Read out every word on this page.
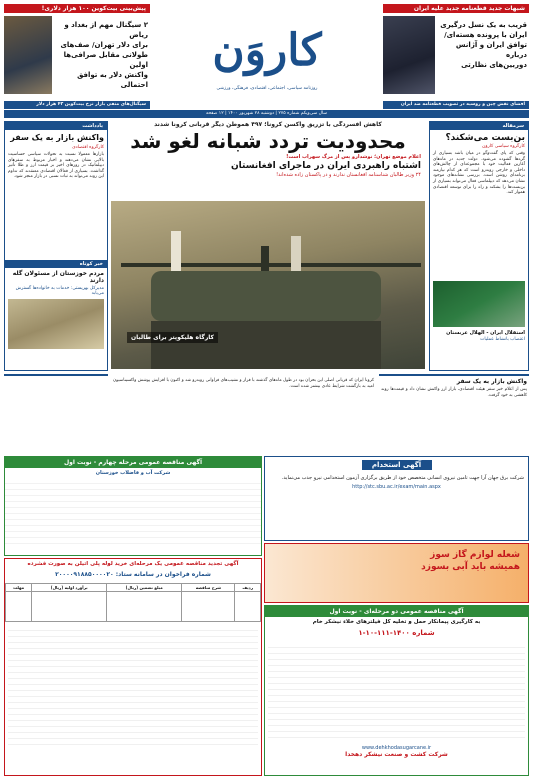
شبهات جدید قطعنامه جدید علیه ایران
قریب به یک نسل درگیری
ایران با پرونده هسته‌ای/
توافق ایران و آژانس درباره
دوربین‌های نظارتی
افشای نقش چین و روسیه در تصویب قطعنامه ضد ایران
کاروَن
روزنامه سیاسی، اجتماعی، اقتصادی، فرهنگی، ورزشی
پیش‌بینی بیت‌کوین ۱۰۰ هزار دلاری!
۲ سیگنال مهم از بغداد و ریاض
برای دلار تهران/ صف‌های
طولانی مقابل صرافی‌ها اولین
واکنش دلار به توافق احتمالی
سیگنال‌های منفی بازار نرخ بیت‌کوین ۴۳ هزار دلار
سال سی‌ویکم شماره ۲۷۵ | دوشنبه ۲۸ شهریور ۱۴۰۰ | ۱۲ صفحه
سرمقاله
بن‌بست می‌شکند؟
کارگروه سیاسی کاروَن
وقتی که پای گفت‌وگو در میان باشد بسیاری از گره‌ها گشوده می‌شود. دولت جدید در ماه‌های آغازین فعالیت خود با مجموعه‌ای از چالش‌های داخلی و خارجی روبه‌رو است که هر کدام نیازمند برنامه‌ای روشن است. بررسی نشانه‌های موجود نشان می‌دهد که دیپلماسی فعال می‌تواند بسیاری از بن‌بست‌ها را بشکند و راه را برای توسعه اقتصادی هموار کند.
استقلال ایران - الهلال عربستان
اعتصاب بانشاط عملیات
یادداشت
واکنش بازار به یک سفر
کارگروه اقتصادی
بازارها معمولا نسبت به تحولات سیاسی حساسیت بالایی نشان می‌دهند و اخبار مربوط به سفرهای دیپلماتیک در روزهای اخیر بر قیمت ارز و طلا تأثیر گذاشت. بسیاری از فعالان اقتصادی معتقدند که تداوم این روند می‌تواند به ثبات نسبی در بازار منجر شود.
خبر کوتاه
مردم خوزستان از مسئولان گله دارند
مدیرکل بهزیستی: خدمات به خانواده‌ها گسترش می‌یابد
کاهش افسردگی با تزریق واکسن کرونا؛ ۴۹۷ هموطن دیگر قربانی کرونا شدند
محدودیت تردد شبانه لغو شد
اعلام موضع تهران؛ نوشدارو پس از مرگ سهراب است!
اشتباه راهبردی ایران در ماجرای افغانستان
۲۴ وزیر طالبان شناسنامه افغانستان ندارند و در پاکستان زاده شده‌اند!
کارگاه هلیکوپتر برای طالبان
واکنش بازار به یک سفر
پس از اعلام خبر سفر هیئت اقتصادی، بازار ارز واکنش نشان داد و قیمت‌ها روند کاهشی به خود گرفت.
کرونا ایران که قربانی اصلی این بحران بود در طول ماه‌های گذشته با فراز و نشیب‌های فراوانی روبه‌رو شد و اکنون با افزایش پوشش واکسیناسیون امید به بازگشت شرایط عادی بیشتر شده است.
آگهی مناقصه عمومی مرحله چهارم - نوبت اول
شرکت آب و فاضلاب خوزستان
آگهی تجدید مناقصه عمومی یک مرحله‌ای خرید لوله پلی اتیلن به صورت فشرده
شماره فراخوان در سامانه ستاد: ۲۰۰۰۰۹۱۸۸۵۰۰۰۰۲۰
ردیف	شرح مناقصه	مبلغ تضمین (ریال)	برآورد اولیه (ریال)	مهلت

آگهی استخدام
شرکت برق جهان آرا جهت تامین نیروی انسانی متخصص خود از طریق برگزاری آزمون استخدامی نیرو جذب می‌نماید.
http://stc.sbu.ac.ir/exam/main.aspx
شعله لوازم گاز سوز
همیشه باید آبی بسوزد
آگهی مناقصه عمومی دو مرحله‌ای - نوبت اول
به کارگیری پیمانکار حمل و تخلیه کل فیلترهای خلاء نیشکر خام
شماره ۱۴۰۰-۱۱۱-۱۰-۱
www.dehkhodasugarcane.ir
شرکت کشت و صنعت نیشکر دهخدا
